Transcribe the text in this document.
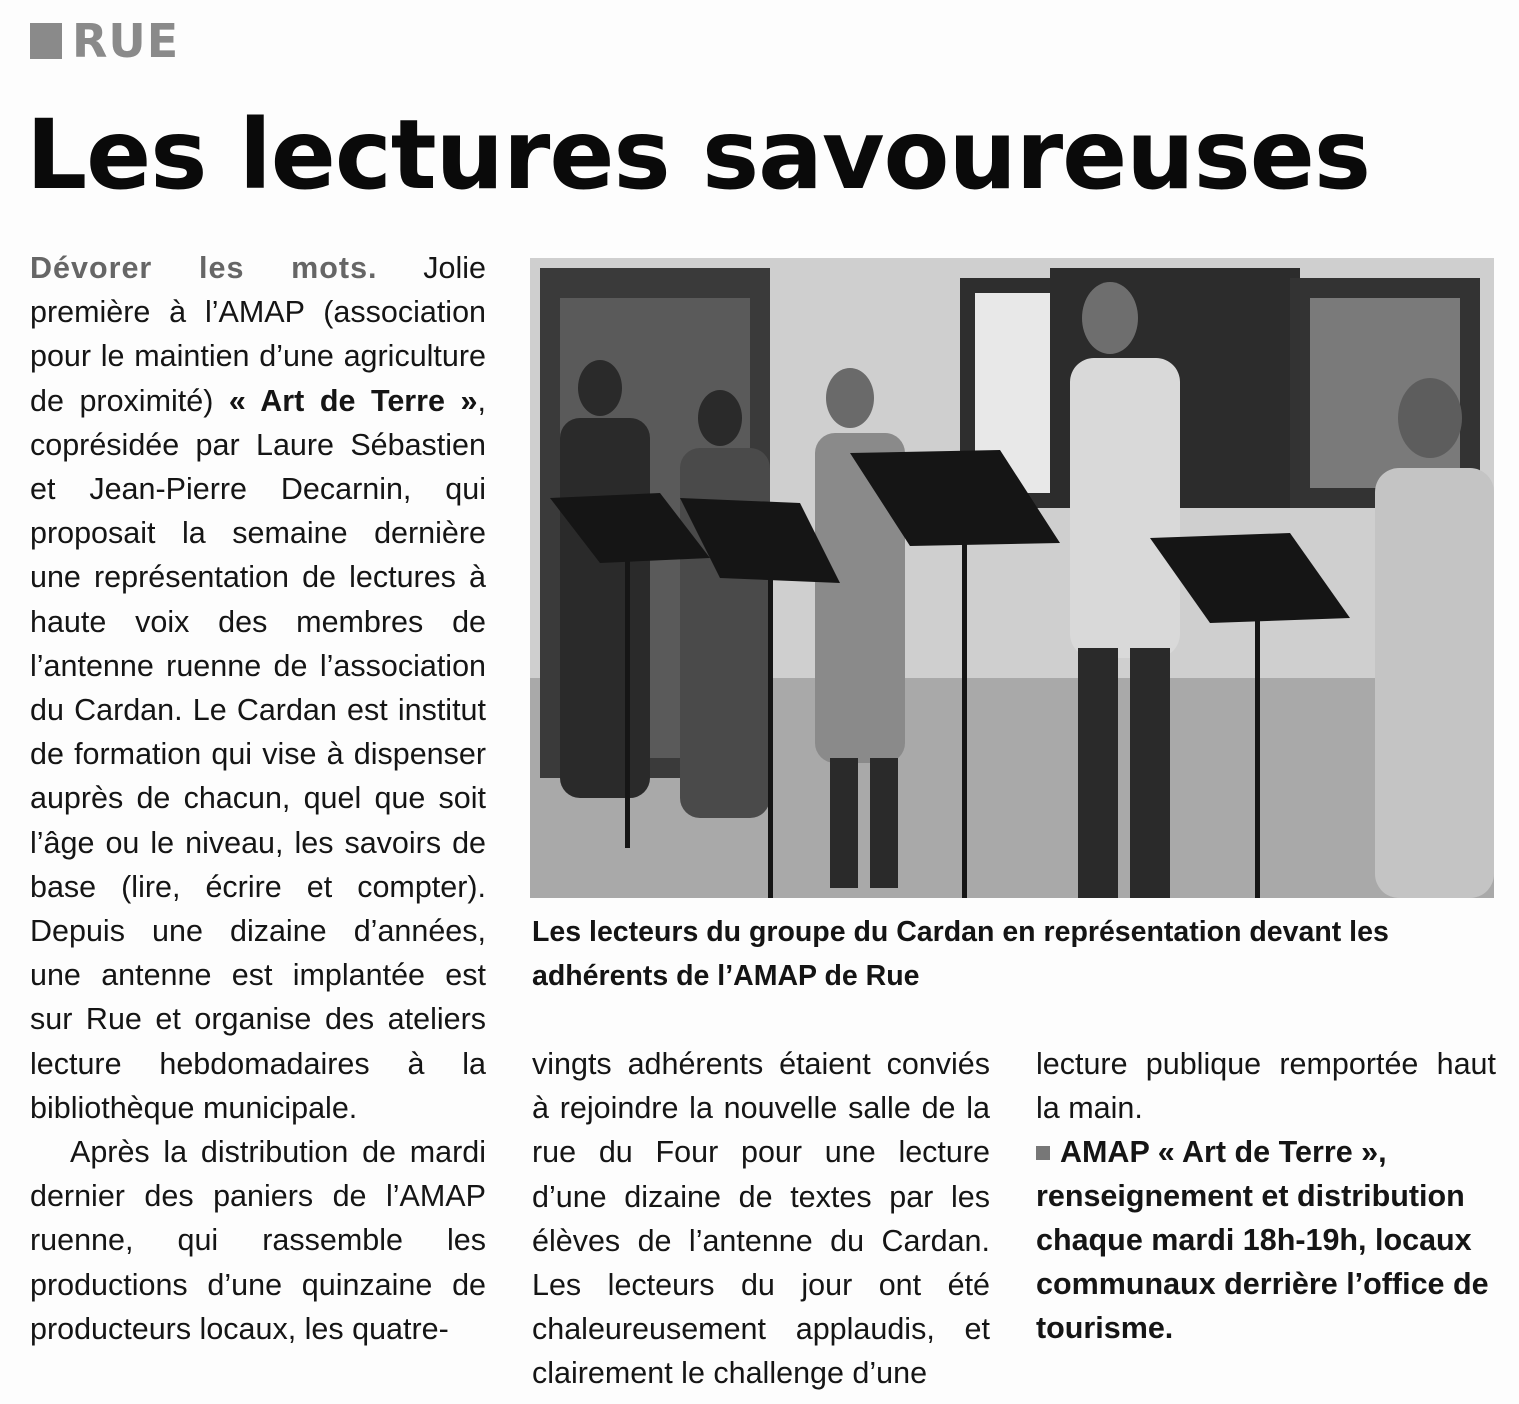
RUE
Les lectures savoureuses

Dévorer les mots. Jolie première à l’AMAP (association pour le maintien d’une agriculture de proximité) « Art de Terre », coprésidée par Laure Sébastien et Jean-Pierre Decarnin, qui proposait la semaine dernière une représentation de lectures à haute voix des membres de l’antenne ruenne de l’association du Cardan. Le Cardan est institut de formation qui vise à dispenser auprès de chacun, quel que soit l’âge ou le niveau, les savoirs de base (lire, écrire et compter). Depuis une dizaine d’années, une antenne est implantée est sur Rue et organise des ateliers lecture hebdomadaires à la bibliothèque municipale.

Après la distribution de mardi dernier des paniers de l’AMAP ruenne, qui rassemble les productions d’une quinzaine de producteurs locaux, les quatre-

Les lecteurs du groupe du Cardan en représentation devant les adhérents de l’AMAP de Rue

vingts adhérents étaient conviés à rejoindre la nouvelle salle de la rue du Four pour une lecture d’une dizaine de textes par les élèves de l’antenne du Cardan. Les lecteurs du jour ont été chaleureusement applaudis, et clairement le challenge d’une

lecture publique remportée haut la main.

AMAP « Art de Terre », renseignement et distribution chaque mardi 18h-19h, locaux communaux derrière l’office de tourisme.
